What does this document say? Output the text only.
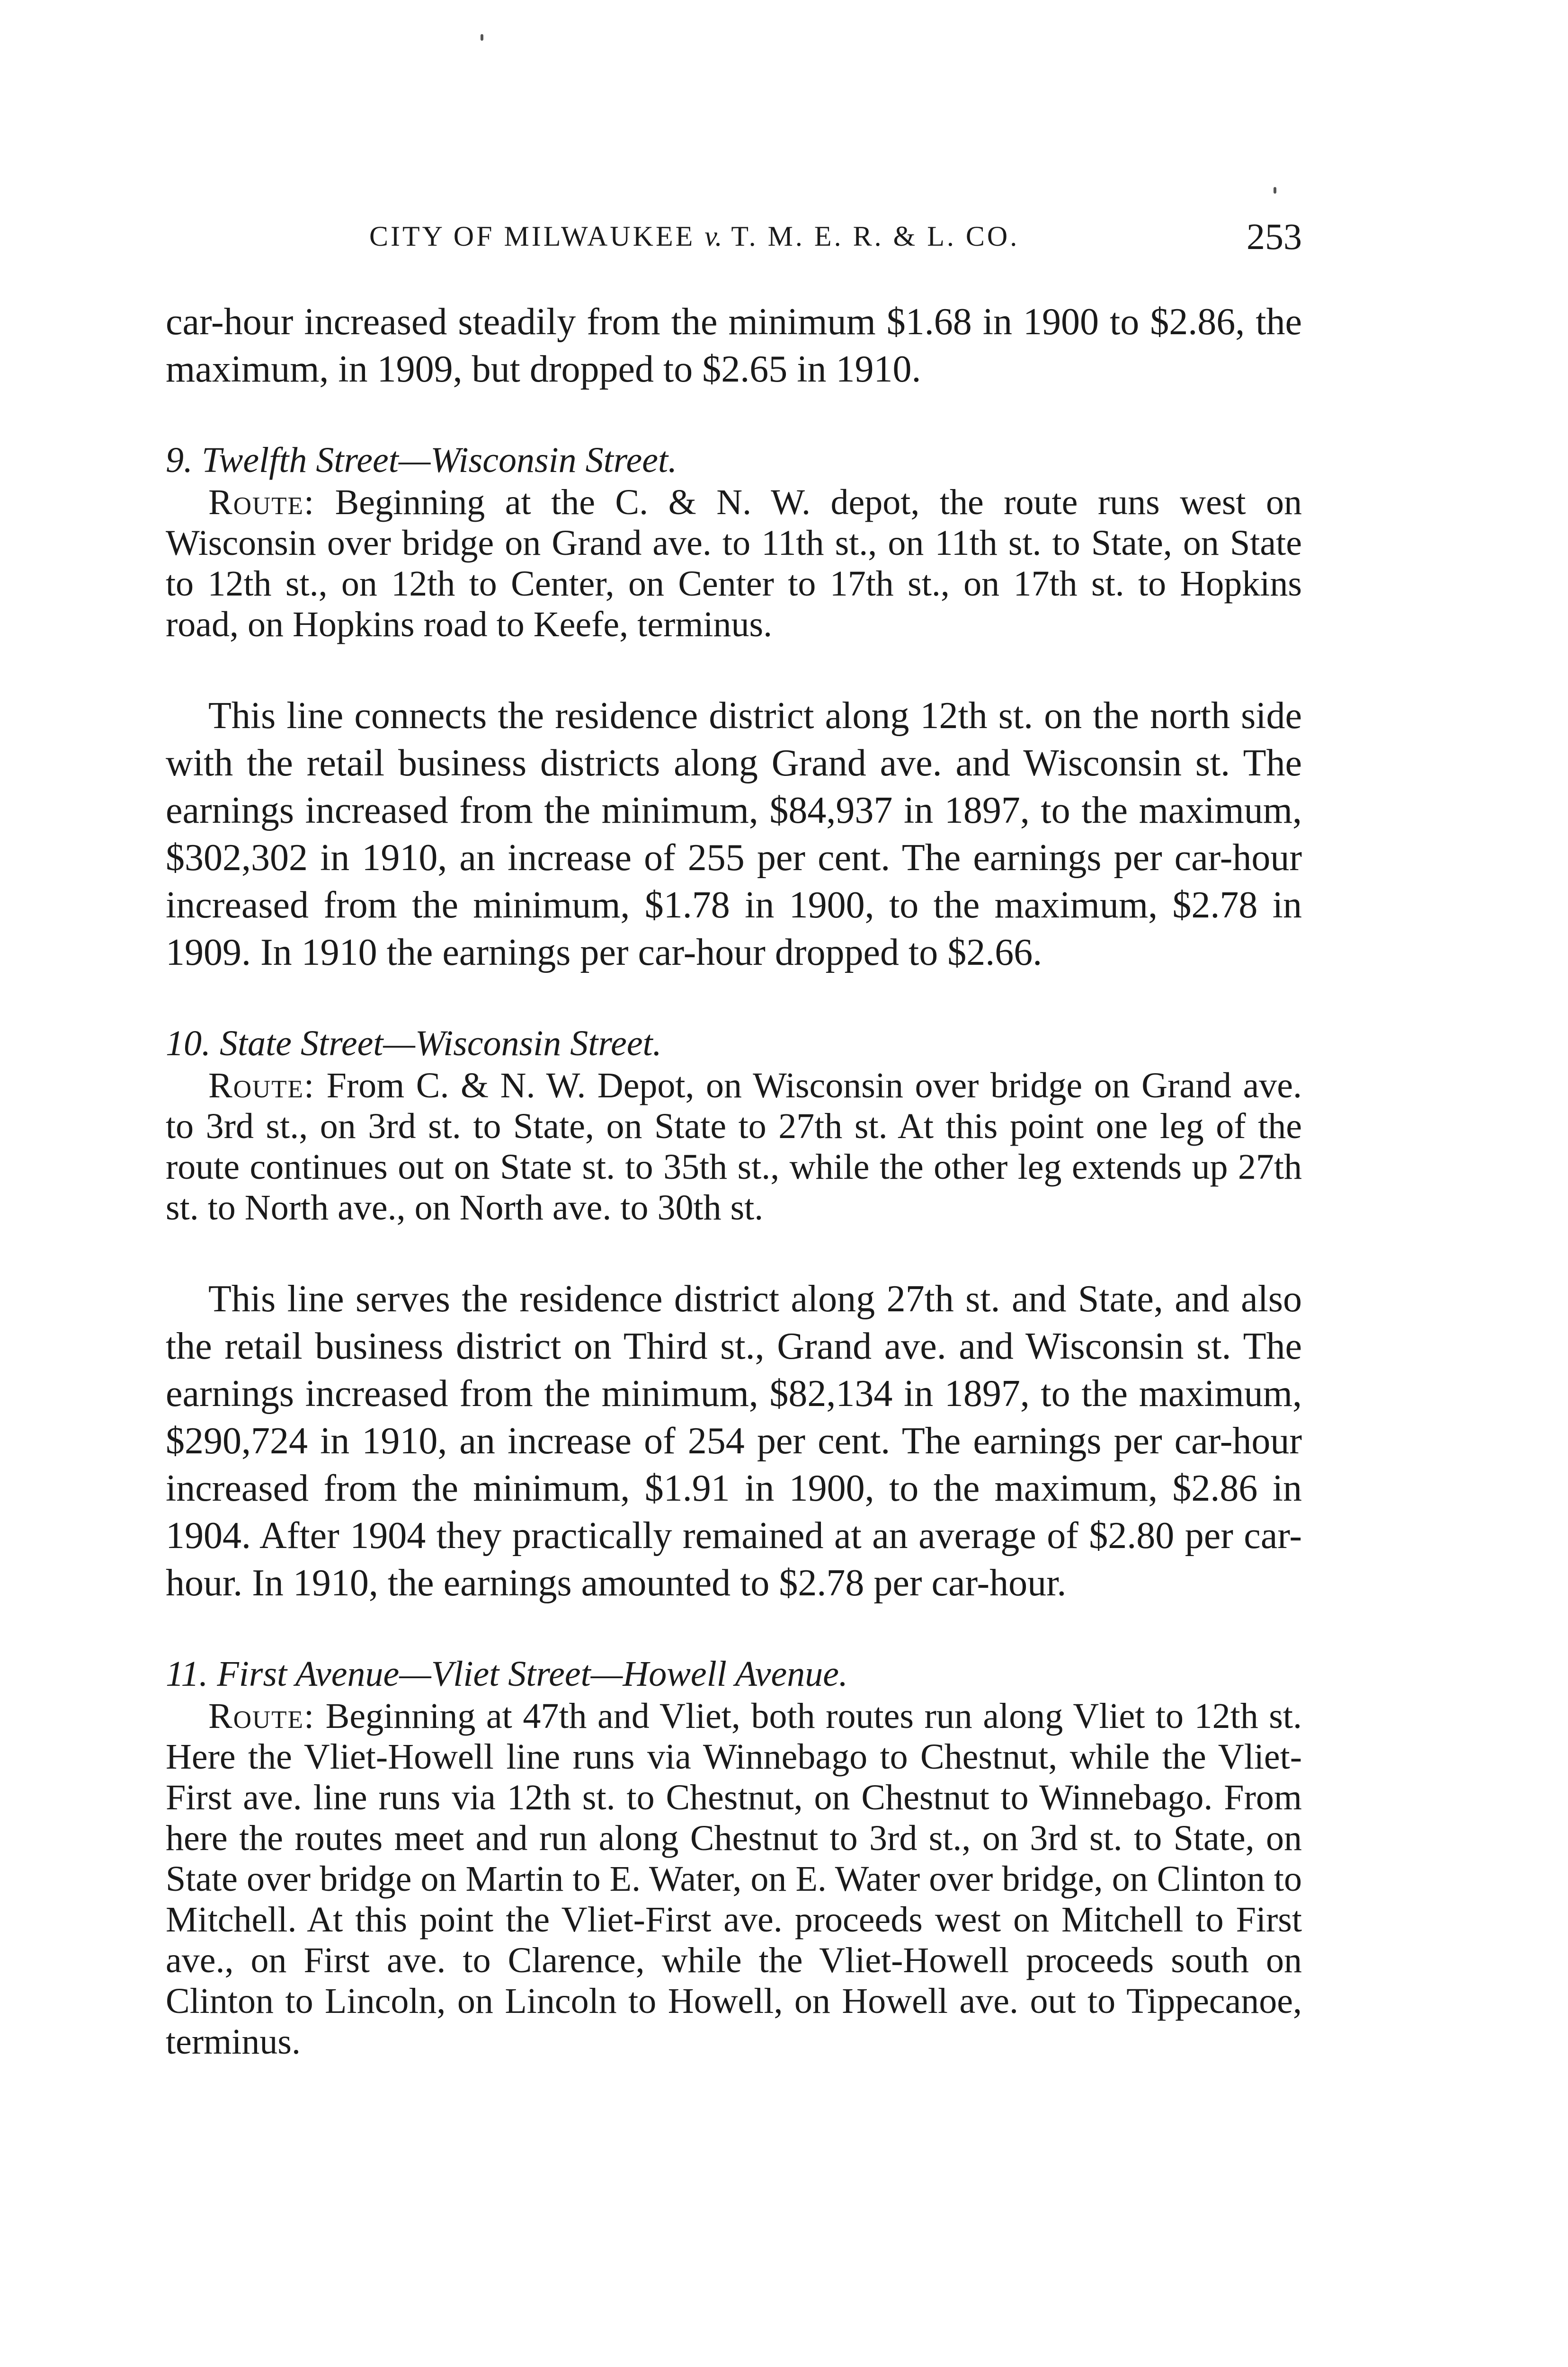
CITY OF MILWAUKEE v. T. M. E. R. & L. CO.	253

car-hour increased steadily from the minimum $1.68 in 1900 to $2.86, the maximum, in 1909, but dropped to $2.65 in 1910.

9. Twelfth Street—Wisconsin Street.

Route: Beginning at the C. & N. W. depot, the route runs west on Wisconsin over bridge on Grand ave. to 11th st., on 11th st. to State, on State to 12th st., on 12th to Center, on Center to 17th st., on 17th st. to Hopkins road, on Hopkins road to Keefe, terminus.

This line connects the residence district along 12th st. on the north side with the retail business districts along Grand ave. and Wisconsin st. The earnings increased from the minimum, $84,937 in 1897, to the maximum, $302,302 in 1910, an increase of 255 per cent. The earnings per car-hour increased from the minimum, $1.78 in 1900, to the maximum, $2.78 in 1909. In 1910 the earnings per car-hour dropped to $2.66.

10. State Street—Wisconsin Street.

Route: From C. & N. W. Depot, on Wisconsin over bridge on Grand ave. to 3rd st., on 3rd st. to State, on State to 27th st. At this point one leg of the route continues out on State st. to 35th st., while the other leg extends up 27th st. to North ave., on North ave. to 30th st.

This line serves the residence district along 27th st. and State, and also the retail business district on Third st., Grand ave. and Wisconsin st. The earnings increased from the minimum, $82,134 in 1897, to the maximum, $290,724 in 1910, an increase of 254 per cent. The earnings per car-hour increased from the minimum, $1.91 in 1900, to the maximum, $2.86 in 1904. After 1904 they practically remained at an average of $2.80 per car-hour. In 1910, the earnings amounted to $2.78 per car-hour.

11. First Avenue—Vliet Street—Howell Avenue.

Route: Beginning at 47th and Vliet, both routes run along Vliet to 12th st. Here the Vliet-Howell line runs via Winnebago to Chestnut, while the Vliet-First ave. line runs via 12th st. to Chestnut, on Chestnut to Winnebago. From here the routes meet and run along Chestnut to 3rd st., on 3rd st. to State, on State over bridge on Martin to E. Water, on E. Water over bridge, on Clinton to Mitchell. At this point the Vliet-First ave. proceeds west on Mitchell to First ave., on First ave. to Clarence, while the Vliet-Howell proceeds south on Clinton to Lincoln, on Lincoln to Howell, on Howell ave. out to Tippecanoe, terminus.
